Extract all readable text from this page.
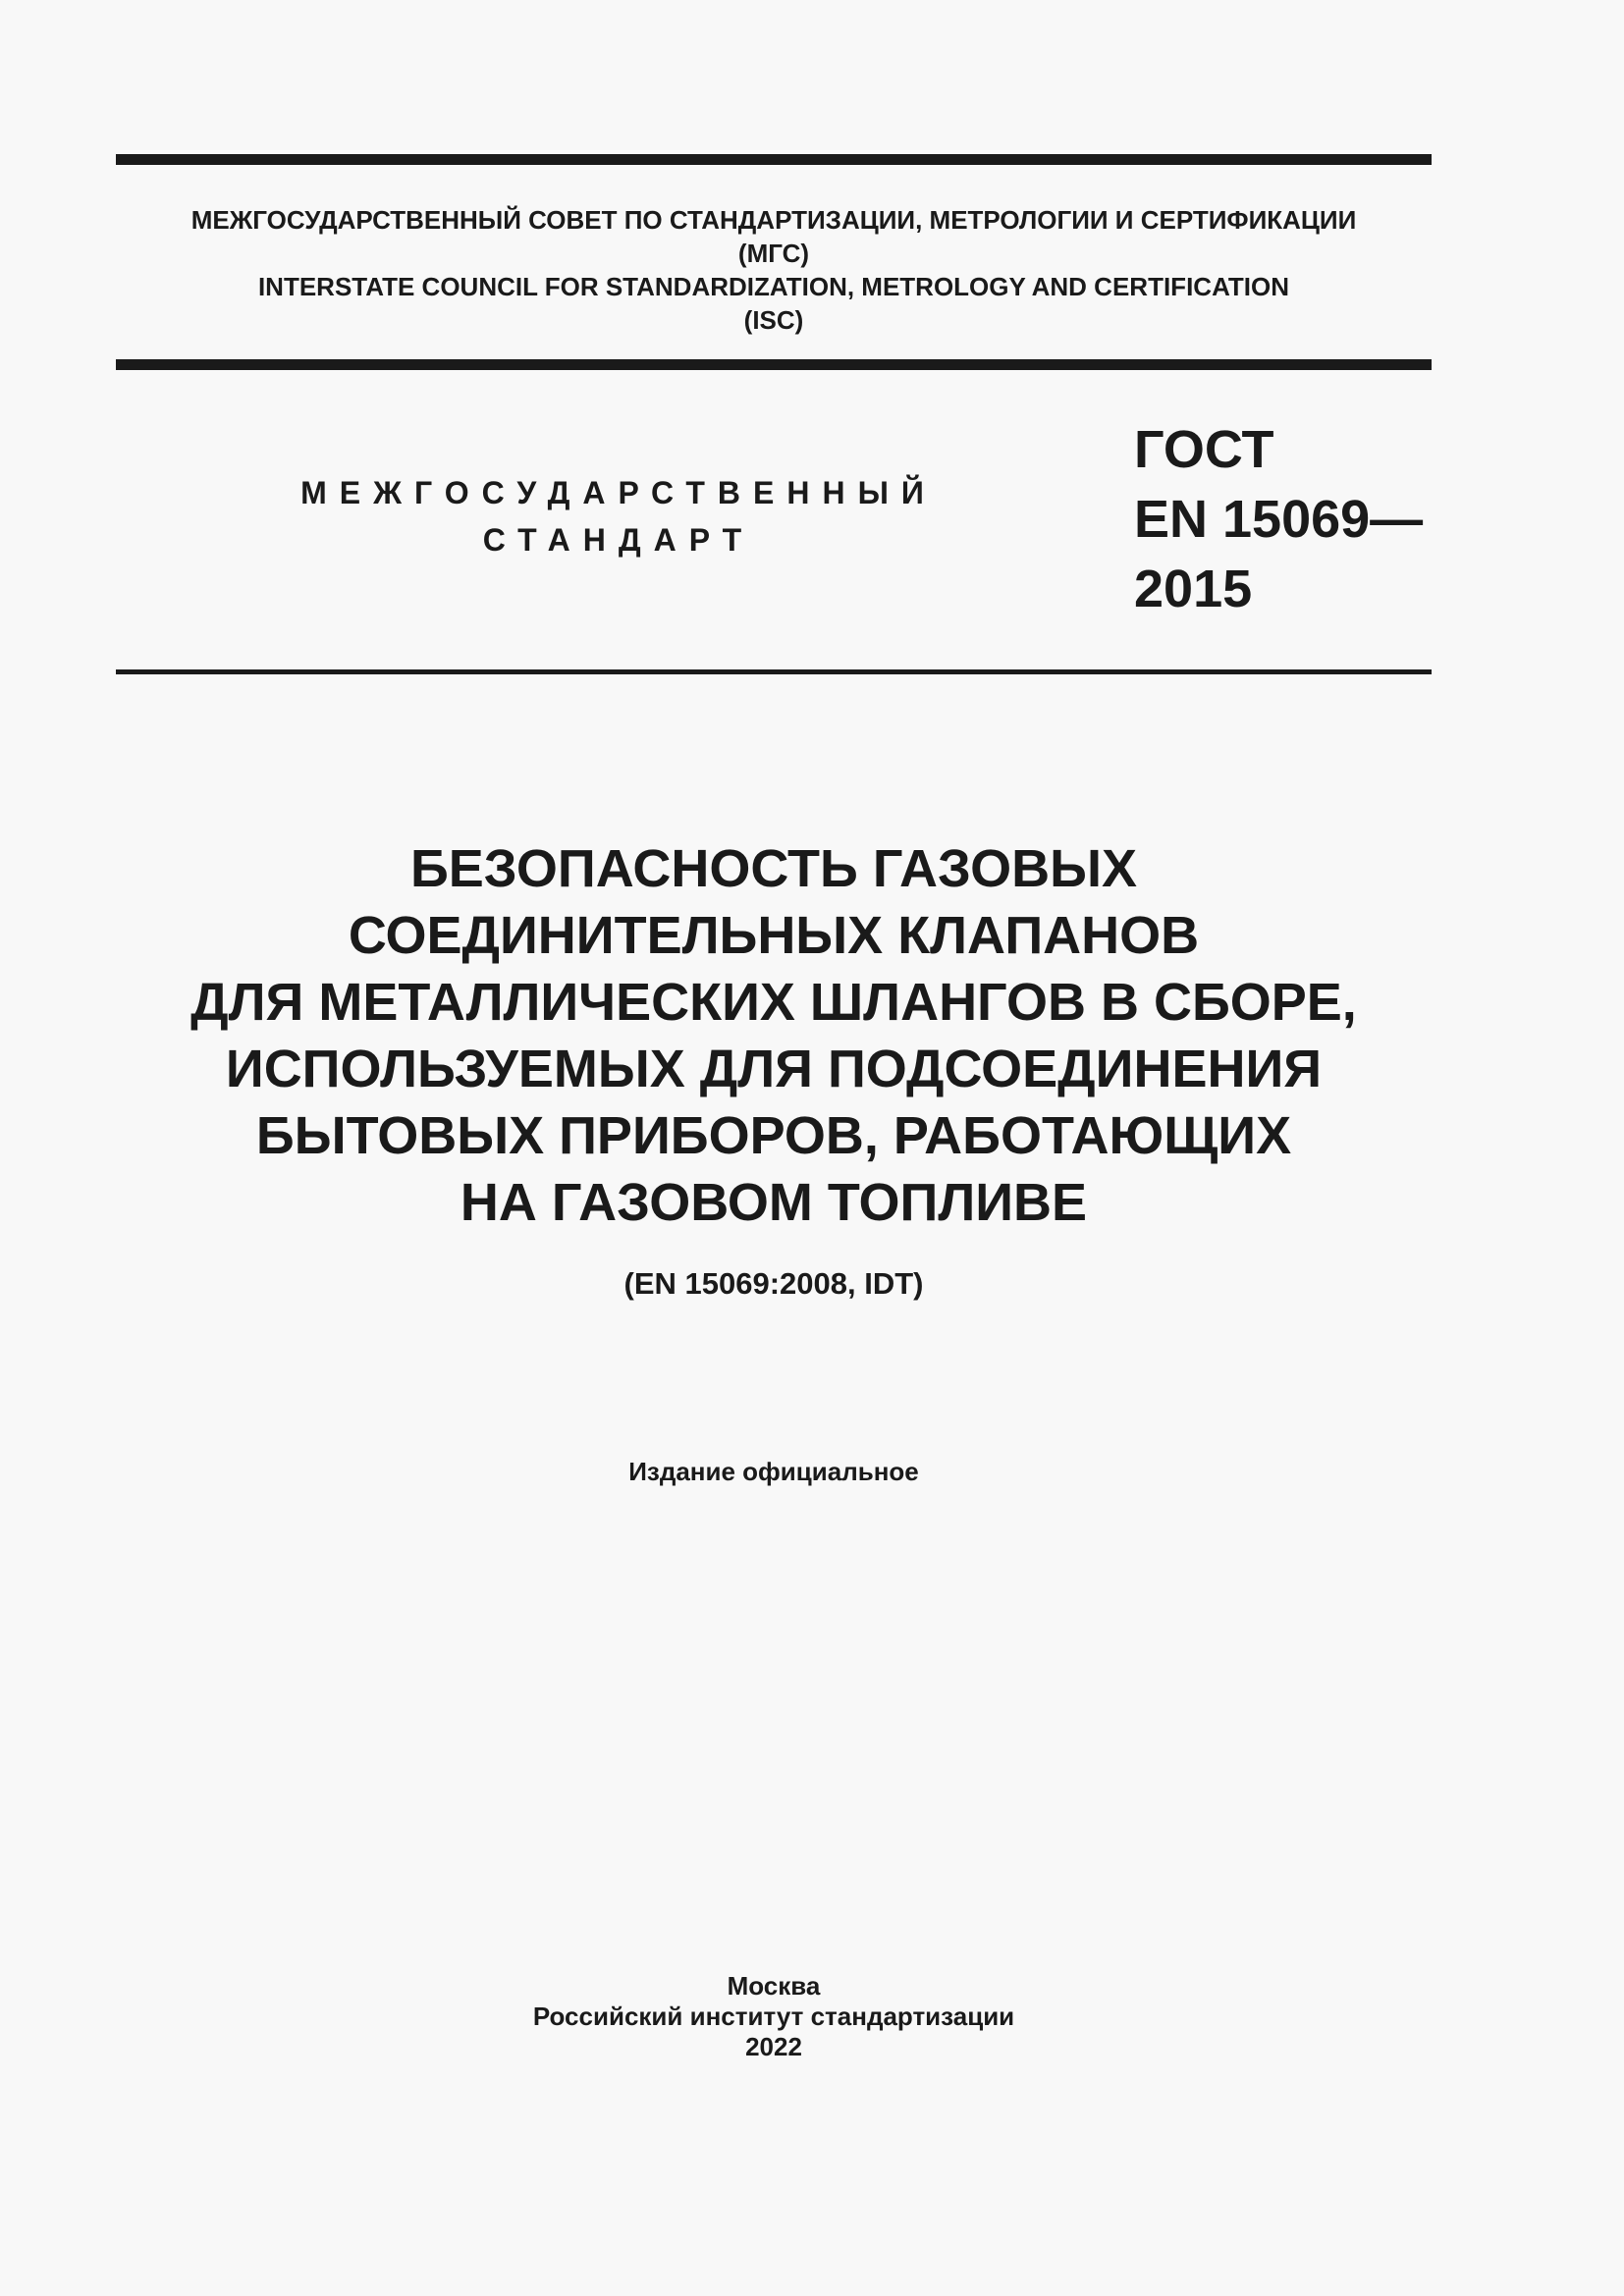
МЕЖГОСУДАРСТВЕННЫЙ СОВЕТ ПО СТАНДАРТИЗАЦИИ, МЕТРОЛОГИИ И СЕРТИФИКАЦИИ
(МГС)
INTERSTATE COUNCIL FOR STANDARDIZATION, METROLOGY AND CERTIFICATION
(ISC)
МЕЖГОСУДАРСТВЕННЫЙ
СТАНДАРТ
ГОСТ
EN 15069—
2015
БЕЗОПАСНОСТЬ ГАЗОВЫХ
СОЕДИНИТЕЛЬНЫХ КЛАПАНОВ
ДЛЯ МЕТАЛЛИЧЕСКИХ ШЛАНГОВ В СБОРЕ,
ИСПОЛЬЗУЕМЫХ ДЛЯ ПОДСОЕДИНЕНИЯ
БЫТОВЫХ ПРИБОРОВ, РАБОТАЮЩИХ
НА ГАЗОВОМ ТОПЛИВЕ
(EN 15069:2008, IDT)
Издание официальное
Москва
Российский институт стандартизации
2022
